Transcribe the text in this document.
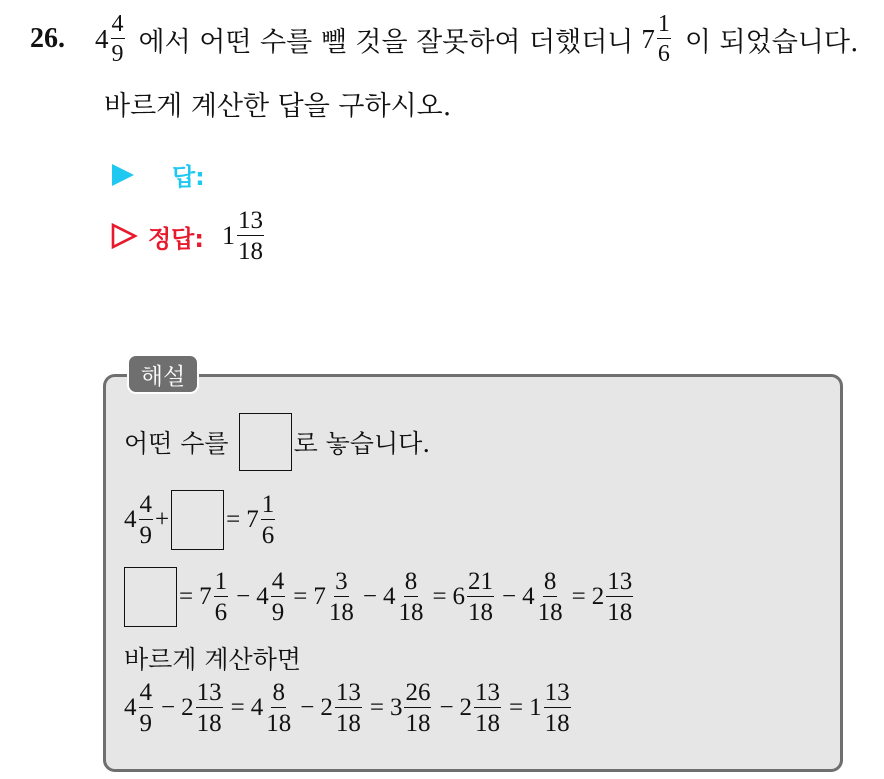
26. $4 \frac{4}{9}$ 에서 어떤 수를 뺄 것을 잘못하여 더했더니 $7 \frac{1}{6}$ 이 되었습니다.
바르게 계산한 답을 구하시오.
답:
정답: $1 \frac{13}{18}$
해설
어떤 수를	로 놓습니다.
$4 \frac{4}{9}$ + = $7 \frac{1}{6}$
= $7 \frac{1}{6} - 4 \frac{4}{9} = 7 \frac{3}{18} - 4 \frac{8}{18} = 6 \frac{21}{18} - 4 \frac{8}{18} = 2 \frac{13}{18}$
바르게 계산하면
$4 \frac{4}{9} - 2 \frac{13}{18} = 4 \frac{8}{18} - 2 \frac{13}{18} = 3 \frac{26}{18} - 2 \frac{13}{18} = 1 \frac{13}{18}$
